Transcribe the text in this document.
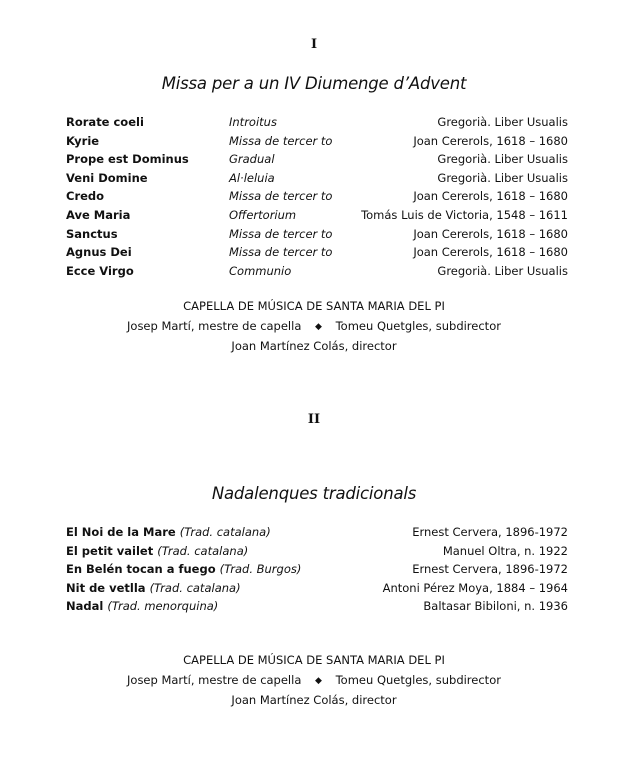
I
Missa per a un IV Diumenge d’Advent
Rorate coeli	Introitus	Gregorià. Liber Usualis
Kyrie	Missa de tercer to	Joan Cererols, 1618 – 1680
Prope est Dominus	Gradual	Gregorià. Liber Usualis
Veni Domine	Al·leluia	Gregorià. Liber Usualis
Credo	Missa de tercer to	Joan Cererols, 1618 – 1680
Ave Maria	Offertorium	Tomás Luis de Victoria, 1548 – 1611
Sanctus	Missa de tercer to	Joan Cererols, 1618 – 1680
Agnus Dei	Missa de tercer to	Joan Cererols, 1618 – 1680
Ecce Virgo	Communio	Gregorià. Liber Usualis
CAPELLA DE MÚSICA DE SANTA MARIA DEL PI
Josep Martí, mestre de capella ◆ Tomeu Quetgles, subdirector
Joan Martínez Colás, director
II
Nadalenques tradicionals
El Noi de la Mare (Trad. catalana)	Ernest Cervera, 1896-1972
El petit vailet (Trad. catalana)	Manuel Oltra, n. 1922
En Belén tocan a fuego (Trad. Burgos)	Ernest Cervera, 1896-1972
Nit de vetlla (Trad. catalana)	Antoni Pérez Moya, 1884 – 1964
Nadal (Trad. menorquina)	Baltasar Bibiloni, n. 1936
CAPELLA DE MÚSICA DE SANTA MARIA DEL PI
Josep Martí, mestre de capella ◆ Tomeu Quetgles, subdirector
Joan Martínez Colás, director
